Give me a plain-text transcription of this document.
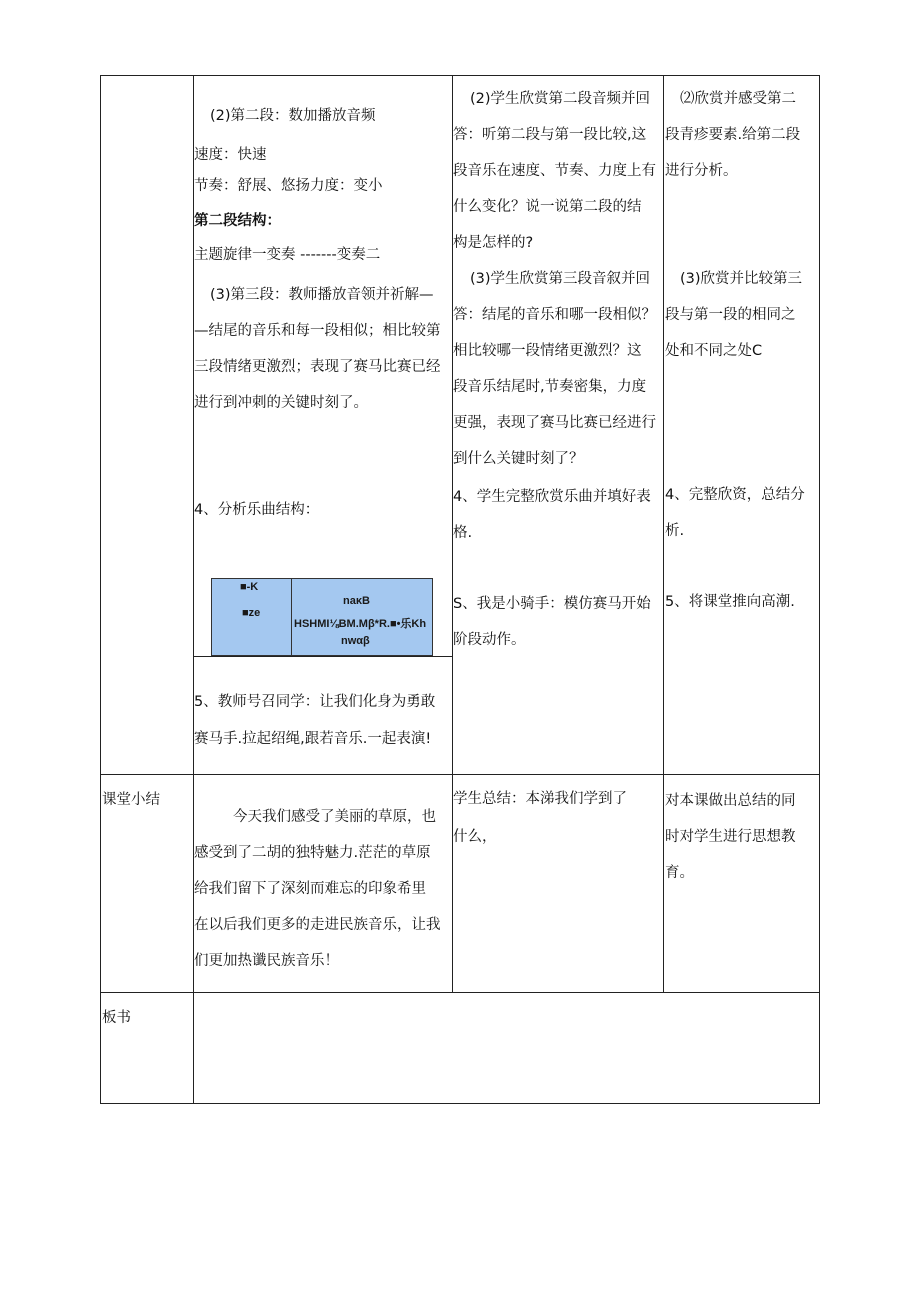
课堂小结
板书
(2)第二段：数加播放音频
速度：快速
节奏：舒展、悠扬力度：变小
第二段结构：
主题旋律一变奏 -------变奏二
(3)第三段：教师播放音领并祈解—
—结尾的音乐和每一段相似；相比较第
三段情绪更激烈；表现了赛马比赛已经
进行到冲刺的关键时刻了。
4、分析乐曲结构：
■-K
■ze
naκB
HSHMI⅛BM.Mβ*R.■•乐Kh
nwαβ
5、教师号召同学：让我们化身为勇敢
赛马手.拉起绍绳,跟若音乐.一起表演!
今天我们感受了美丽的草原，也
感受到了二胡的独特魅力.茫茫的草原
给我们留下了深刻而难忘的印象希里
在以后我们更多的走进民族音乐，让我
们更加热谶民族音乐！
(2)学生欣赏第二段音频并回
答：听第二段与第一段比较,这
段音乐在速度、节奏、力度上有
什么变化？说一说第二段的结
构是怎样的?
(3)学生欣赏第三段音叙并回
答：结尾的音乐和哪一段相似？
相比较哪一段情绪更激烈？这
段音乐结尾时,节奏密集，力度
更强，表现了赛马比赛已经进行
到什么关键时刻了？
4、学生完整欣赏乐曲并填好表
格.
S、我是小骑手：模仿赛马开始
阶段动作。
学生总结：本涕我们学到了
什么，
⑵欣赏并感受第二
段青疹要素.给第二段
进行分析。
(3)欣赏并比较第三
段与第一段的相同之
处和不同之处C
4、完整欣资，总结分
析.
5、将课堂推向高潮.
对本课做出总结的同
时对学生进行思想教
育。
